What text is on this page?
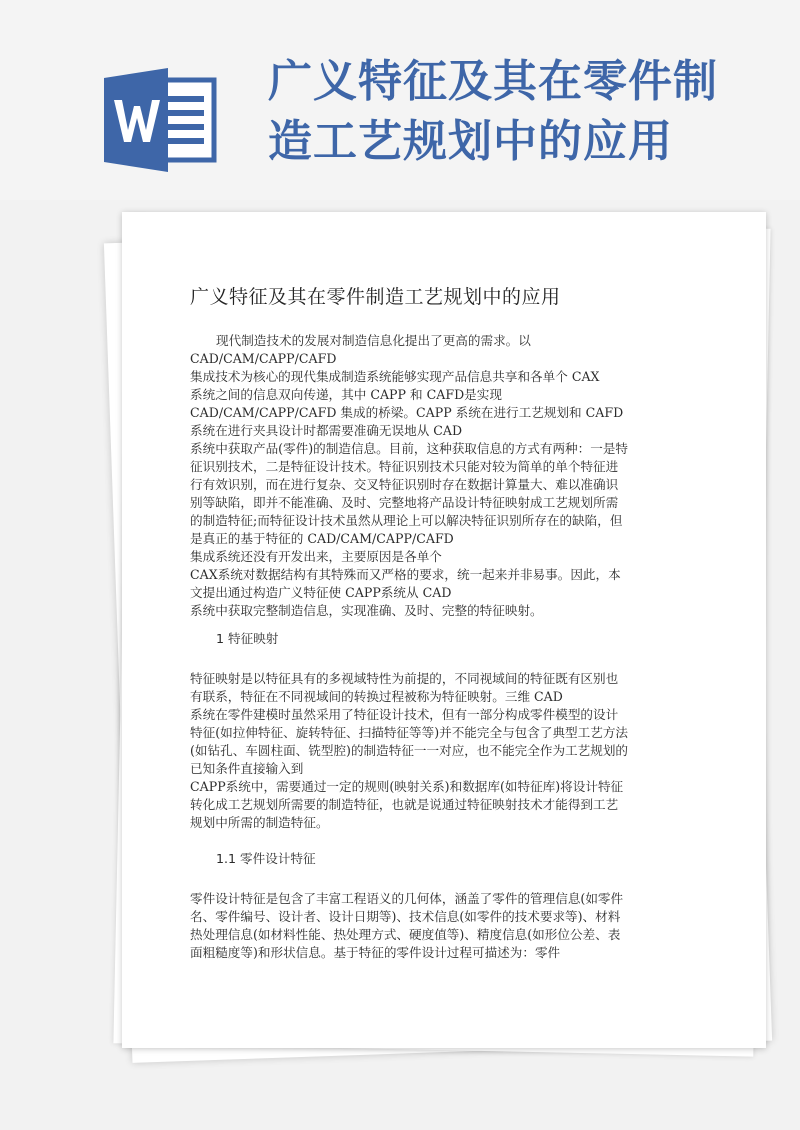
广义特征及其在零件制
造工艺规划中的应用
广义特征及其在零件制造工艺规划中的应用
现代制造技术的发展对制造信息化提出了更高的需求。以
CAD/CAM/CAPP/CAFD
集成技术为核心的现代集成制造系统能够实现产品信息共享和各单个 CAX
系统之间的信息双向传递，其中 CAPP 和 CAFD是实现
CAD/CAM/CAPP/CAFD 集成的桥梁。CAPP 系统在进行工艺规划和 CAFD
系统在进行夹具设计时都需要准确无误地从 CAD
系统中获取产品(零件)的制造信息。目前，这种获取信息的方式有两种：一是特
征识别技术，二是特征设计技术。特征识别技术只能对较为简单的单个特征进
行有效识别，而在进行复杂、交叉特征识别时存在数据计算量大、难以准确识
别等缺陷，即并不能准确、及时、完整地将产品设计特征映射成工艺规划所需
的制造特征;而特征设计技术虽然从理论上可以解决特征识别所存在的缺陷，但
是真正的基于特征的 CAD/CAM/CAPP/CAFD
集成系统还没有开发出来，主要原因是各单个
CAX系统对数据结构有其特殊而又严格的要求，统一起来并非易事。因此，本
文提出通过构造广义特征使 CAPP系统从 CAD
系统中获取完整制造信息，实现准确、及时、完整的特征映射。
1 特征映射
特征映射是以特征具有的多视域特性为前提的，不同视域间的特征既有区别也
有联系，特征在不同视域间的转换过程被称为特征映射。三维 CAD
系统在零件建模时虽然采用了特征设计技术，但有一部分构成零件模型的设计
特征(如拉伸特征、旋转特征、扫描特征等等)并不能完全与包含了典型工艺方法
(如钻孔、车圆柱面、铣型腔)的制造特征一一对应，也不能完全作为工艺规划的
已知条件直接输入到
CAPP系统中，需要通过一定的规则(映射关系)和数据库(如特征库)将设计特征
转化成工艺规划所需要的制造特征，也就是说通过特征映射技术才能得到工艺
规划中所需的制造特征。
1.1 零件设计特征
零件设计特征是包含了丰富工程语义的几何体，涵盖了零件的管理信息(如零件
名、零件编号、设计者、设计日期等)、技术信息(如零件的技术要求等)、材料
热处理信息(如材料性能、热处理方式、硬度值等)、精度信息(如形位公差、表
面粗糙度等)和形状信息。基于特征的零件设计过程可描述为：零件
